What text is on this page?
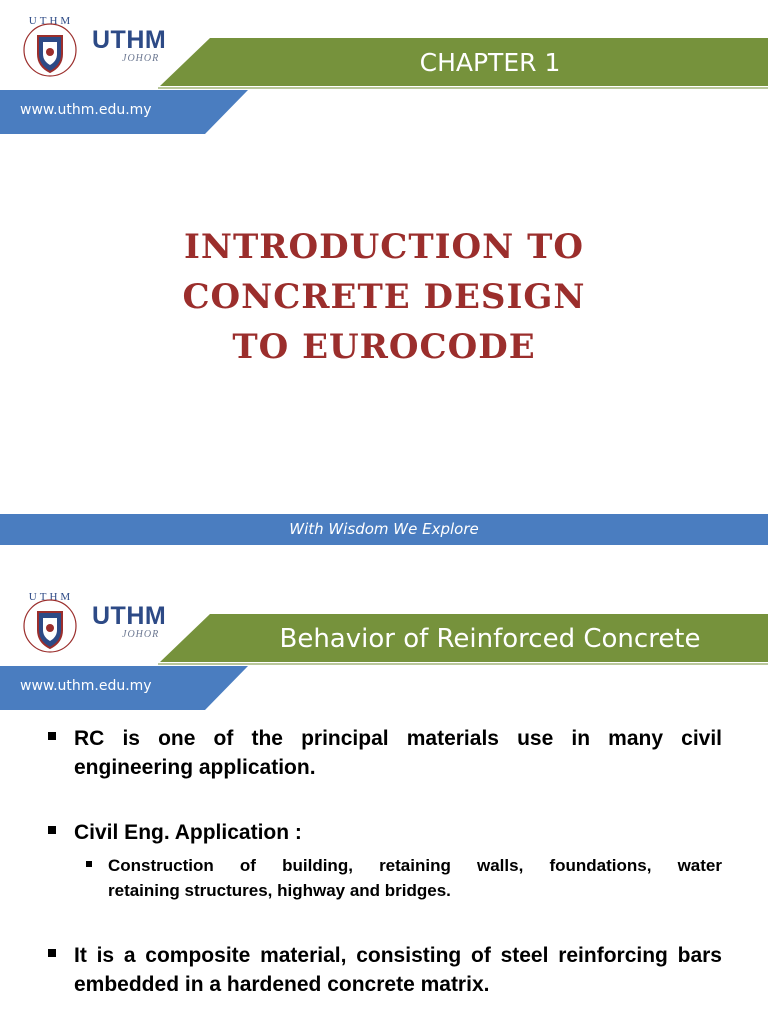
UTHM
UTHM
JOHOR	CHAPTER 1
www.uthm.edu.my
INTRODUCTION TO
CONCRETE DESIGN
TO EUROCODE
With Wisdom We Explore
UTHM
UTHM
JOHOR	Behavior of Reinforced Concrete
www.uthm.edu.my
RC is one of the principal materials use in many civil
engineering application.
Civil Eng. Application :
Construction of building, retaining walls, foundations, water
retaining structures, highway and bridges.
It is a composite material, consisting of steel reinforcing bars embedded in a hardened concrete matrix.
